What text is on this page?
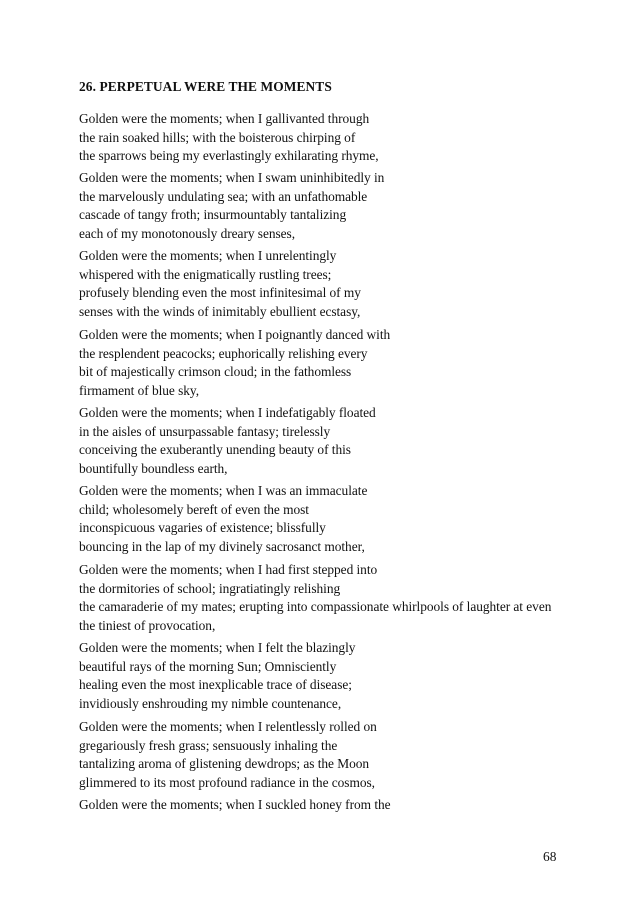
26. PERPETUAL WERE THE MOMENTS
Golden were the moments; when I gallivanted through
the rain soaked hills; with the boisterous chirping of
the sparrows being my everlastingly exhilarating rhyme,
Golden were the moments; when I swam uninhibitedly in
the marvelously undulating sea; with an unfathomable
cascade of tangy froth; insurmountably tantalizing
each of my monotonously dreary senses,
Golden were the moments; when I unrelentingly
whispered with the enigmatically rustling trees;
profusely blending even the most infinitesimal of my
senses with the winds of inimitably ebullient ecstasy,
Golden were the moments; when I poignantly danced with
the resplendent peacocks; euphorically relishing every
bit of majestically crimson cloud; in the fathomless
firmament of blue sky,
Golden were the moments; when I indefatigably floated
in the aisles of unsurpassable fantasy; tirelessly
conceiving the exuberantly unending beauty of this
bountifully boundless earth,
Golden were the moments; when I was an immaculate
child; wholesomely bereft of even the most
inconspicuous vagaries of existence; blissfully
bouncing in the lap of my divinely sacrosanct mother,
Golden were the moments; when I had first stepped into
the dormitories of school; ingratiatingly relishing
the camaraderie of my mates; erupting into compassionate whirlpools of laughter at even
the tiniest of provocation,
Golden were the moments; when I felt the blazingly
beautiful rays of the morning Sun; Omnisciently
healing even the most inexplicable trace of disease;
invidiously enshrouding my nimble countenance,
Golden were the moments; when I relentlessly rolled on
gregariously fresh grass; sensuously inhaling the
tantalizing aroma of glistening dewdrops; as the Moon
glimmered to its most profound radiance in the cosmos,
Golden were the moments; when I suckled honey from the
68
